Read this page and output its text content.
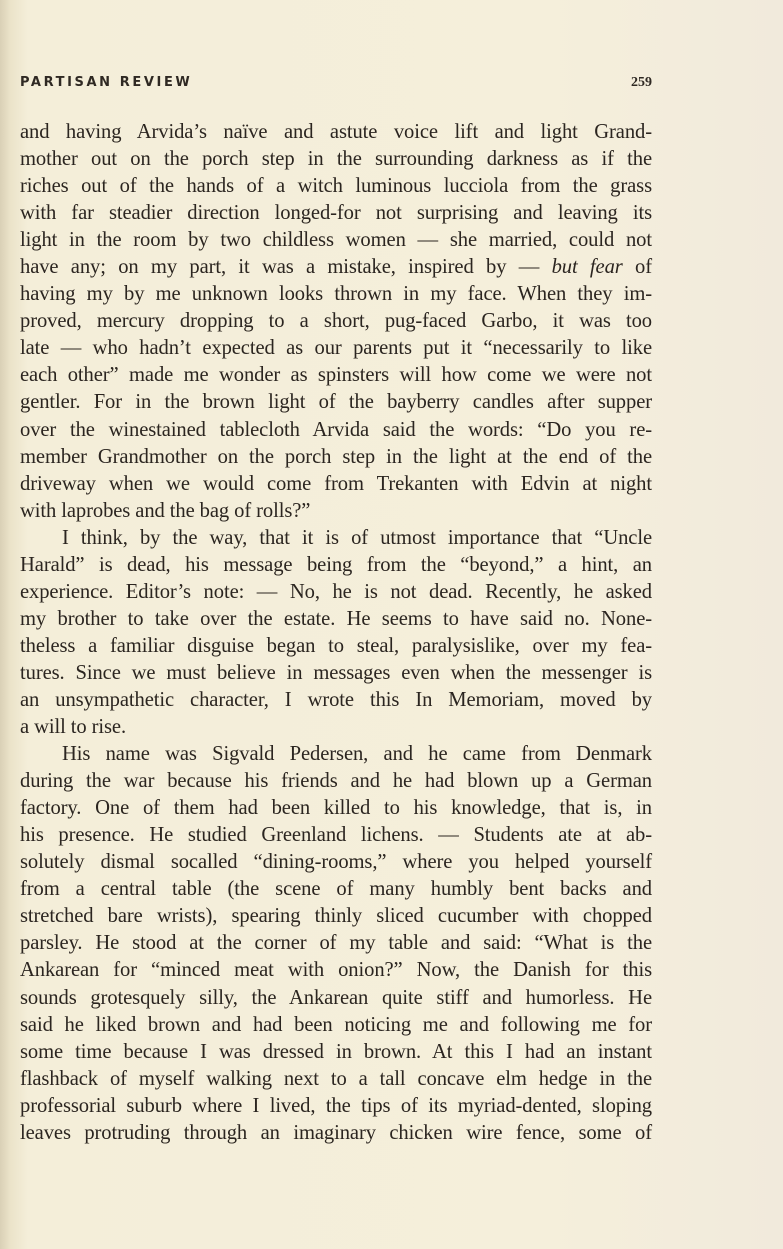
PARTISAN REVIEW	259
and having Arvida’s naïve and astute voice lift and light Grand-
mother out on the porch step in the surrounding darkness as if the
riches out of the hands of a witch luminous lucciola from the grass
with far steadier direction longed-for not surprising and leaving its
light in the room by two childless women — she married, could not
have any; on my part, it was a mistake, inspired by — but fear of
having my by me unknown looks thrown in my face. When they im-
proved, mercury dropping to a short, pug-faced Garbo, it was too
late — who hadn’t expected as our parents put it “necessarily to like
each other” made me wonder as spinsters will how come we were not
gentler. For in the brown light of the bayberry candles after supper
over the winestained tablecloth Arvida said the words: “Do you re-
member Grandmother on the porch step in the light at the end of the
driveway when we would come from Trekanten with Edvin at night
with laprobes and the bag of rolls?”
I think, by the way, that it is of utmost importance that “Uncle
Harald” is dead, his message being from the “beyond,” a hint, an
experience. Editor’s note: — No, he is not dead. Recently, he asked
my brother to take over the estate. He seems to have said no. None-
theless a familiar disguise began to steal, paralysislike, over my fea-
tures. Since we must believe in messages even when the messenger is
an unsympathetic character, I wrote this In Memoriam, moved by
a will to rise.
His name was Sigvald Pedersen, and he came from Denmark
during the war because his friends and he had blown up a German
factory. One of them had been killed to his knowledge, that is, in
his presence. He studied Greenland lichens. — Students ate at ab-
solutely dismal socalled “dining-rooms,” where you helped yourself
from a central table (the scene of many humbly bent backs and
stretched bare wrists), spearing thinly sliced cucumber with chopped
parsley. He stood at the corner of my table and said: “What is the
Ankarean for “minced meat with onion?” Now, the Danish for this
sounds grotesquely silly, the Ankarean quite stiff and humorless. He
said he liked brown and had been noticing me and following me for
some time because I was dressed in brown. At this I had an instant
flashback of myself walking next to a tall concave elm hedge in the
professorial suburb where I lived, the tips of its myriad-dented, sloping
leaves protruding through an imaginary chicken wire fence, some of
